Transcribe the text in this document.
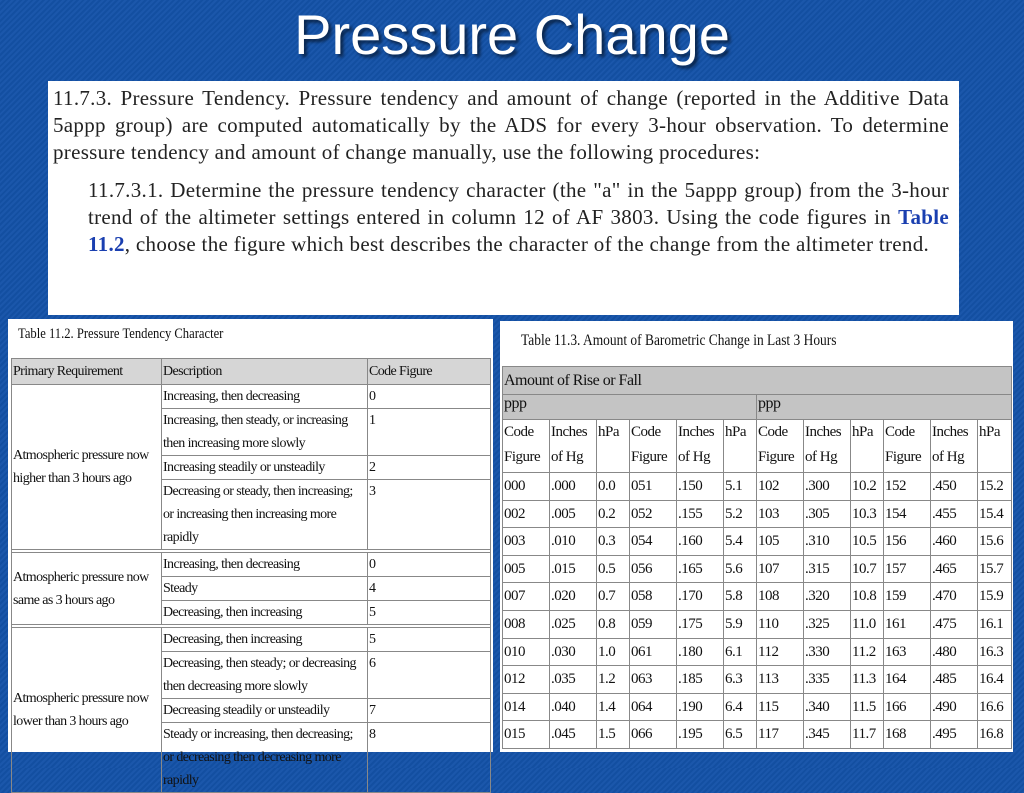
Pressure Change

11.7.3. Pressure Tendency. Pressure tendency and amount of change (reported in the Additive Data 5appp group) are computed automatically by the ADS for every 3-hour observation. To determine pressure tendency and amount of change manually, use the following procedures:

11.7.3.1. Determine the pressure tendency character (the "a" in the 5appp group) from the 3-hour trend of the altimeter settings entered in column 12 of AF 3803. Using the code figures in Table 11.2, choose the figure which best describes the character of the change from the altimeter trend.

Table 11.2. Pressure Tendency Character
Primary Requirement	Description	Code Figure
Atmospheric pressure now higher than 3 hours ago	Increasing, then decreasing	0
	Increasing, then steady, or increasing then increasing more slowly	1
	Increasing steadily or unsteadily	2
	Decreasing or steady, then increasing; or increasing then increasing more rapidly	3

Atmospheric pressure now same as 3 hours ago	Increasing, then decreasing	0
	Steady	4
	Decreasing, then increasing	5

Atmospheric pressure now lower than 3 hours ago	Decreasing, then increasing	5
	Decreasing, then steady; or decreasing then decreasing more slowly	6
	Decreasing steadily or unsteadily	7
	Steady or increasing, then decreasing; or decreasing then decreasing more rapidly	8
Table 11.3. Amount of Barometric Change in Last 3 Hours
Amount of Rise or Fall											
ppp						ppp					
Code Figure	Inches of Hg	hPa	Code Figure	Inches of Hg	hPa	Code Figure	Inches of Hg	hPa	Code Figure	Inches of Hg	hPa
000	.000	0.0	051	.150	5.1	102	.300	10.2	152	.450	15.2
002	.005	0.2	052	.155	5.2	103	.305	10.3	154	.455	15.4
003	.010	0.3	054	.160	5.4	105	.310	10.5	156	.460	15.6
005	.015	0.5	056	.165	5.6	107	.315	10.7	157	.465	15.7
007	.020	0.7	058	.170	5.8	108	.320	10.8	159	.470	15.9
008	.025	0.8	059	.175	5.9	110	.325	11.0	161	.475	16.1
010	.030	1.0	061	.180	6.1	112	.330	11.2	163	.480	16.3
012	.035	1.2	063	.185	6.3	113	.335	11.3	164	.485	16.4
014	.040	1.4	064	.190	6.4	115	.340	11.5	166	.490	16.6
015	.045	1.5	066	.195	6.5	117	.345	11.7	168	.495	16.8
